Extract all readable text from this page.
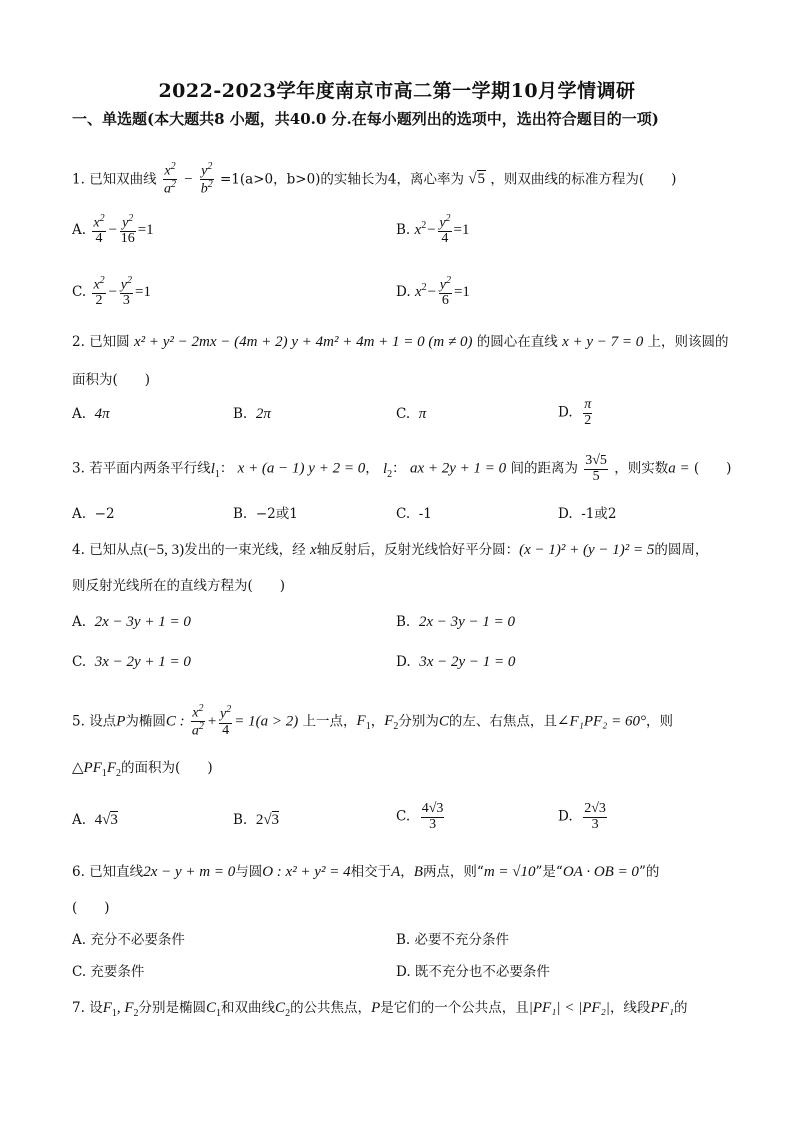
2022-2023学年度南京市高二第一学期10月学情调研
一、单选题(本大题共8 小题，共40.0 分.在每小题列出的选项中，选出符合题目的一项)
1. 已知双曲线 $\frac{x^2}{a^2} - \frac{y^2}{b^2} =1(a>0$，b>0)的实轴长为4，离心率为 √5 ，则双曲线的标准方程为(　　)
A. $\frac{x^2}{4} - \frac{y^2}{16} =1$	B. $x^2- \frac{y^2}{4} =1$
C. $\frac{x^2}{2} - \frac{y^2}{3} =1$	D. $x^2- \frac{y^2}{6} =1$
2. 已知圆 x² + y² − 2mx − (4m + 2) y + 4m² + 4m + 1 = 0 (m ≠ 0) 的圆心在直线 x + y − 7 = 0 上，则该圆的
面积为(　　)
A. 4π	B. 2π	C. π	D. $\frac{\pi}{2}$
3. 若平面内两条平行线$l_1$： x + (a − 1) y + 2 = 0， $l_2$： ax + 2y + 1 = 0 间的距离为 $\frac{3√5}{5}$ ，则实数a = (　　)
A. −2	B. −2或1	C. -1	D. -1或2
4. 已知从点(−5, 3)发出的一束光线，经 x轴反射后，反射光线恰好平分圆：(x − 1)² + (y − 1)² = 5的圆周，
则反射光线所在的直线方程为(　　)
A. 2x − 3y + 1 = 0	B. 2x − 3y − 1 = 0
C. 3x − 2y + 1 = 0	D. 3x − 2y − 1 = 0
5. 设点P为椭圆C : $\frac{x^2}{a^2} + \frac{y^2}{4} = 1(a > 2)$ 上一点，$F_1$，$F_2$分别为C的左、右焦点，且∠F₁PF₂ = 60°，则
$\triangle PF_1F_2$的面积为(　　)
A. 4√3	B. 2√3	C. $\frac{4√3}{3}$	D. $\frac{2√3}{3}$
6. 已知直线2x − y + m = 0与圆O : x² + y² = 4相交于A，B两点，则“m = √10”是“OA · OB = 0”的
(　　)
A. 充分不必要条件	B. 必要不充分条件
C. 充要条件	D. 既不充分也不必要条件
7. 设$F_1$, $F_2$分别是椭圆$C_1$和双曲线$C_2$的公共焦点，P是它们的一个公共点，且|PF₁| < |PF₂|，线段PF₁的
